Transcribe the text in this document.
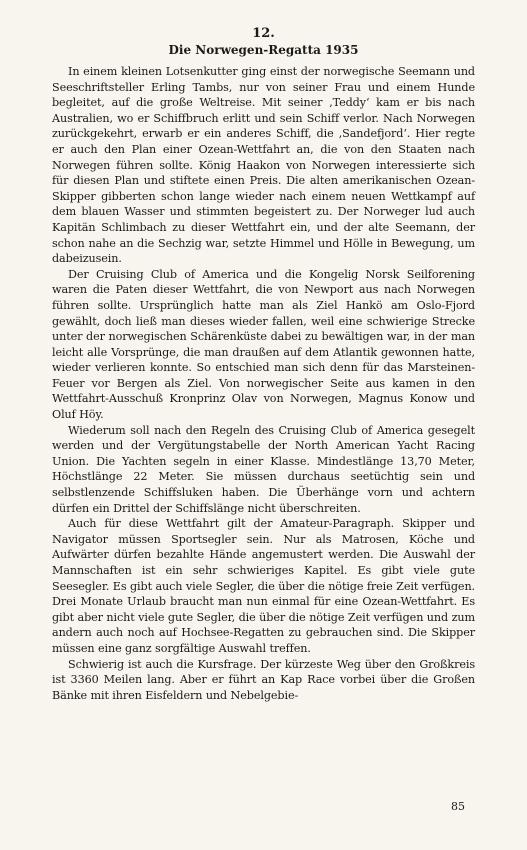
12.
Die Norwegen-Regatta 1935

In einem kleinen Lotsenkutter ging einst der norwegische Seemann und Seeschriftsteller Erling Tambs, nur von seiner Frau und einem Hunde begleitet, auf die große Weltreise. Mit seiner ‚Teddy‘ kam er bis nach Australien, wo er Schiffbruch erlitt und sein Schiff verlor. Nach Norwegen zurückgekehrt, erwarb er ein anderes Schiff, die ‚Sandefjord‘. Hier regte er auch den Plan einer Ozean-Wettfahrt an, die von den Staaten nach Norwegen führen sollte. König Haakon von Norwegen interessierte sich für diesen Plan und stiftete einen Preis. Die alten amerikanischen Ozean-Skipper gibberten schon lange wieder nach einem neuen Wettkampf auf dem blauen Wasser und stimmten begeistert zu. Der Norweger lud auch Kapitän Schlimbach zu dieser Wettfahrt ein, und der alte Seemann, der schon nahe an die Sechzig war, setzte Himmel und Hölle in Bewegung, um dabeizusein.

Der Cruising Club of America und die Kongelig Norsk Seilforening waren die Paten dieser Wettfahrt, die von Newport aus nach Norwegen führen sollte. Ursprünglich hatte man als Ziel Hankö am Oslo-Fjord gewählt, doch ließ man dieses wieder fallen, weil eine schwierige Strecke unter der norwegischen Schärenküste dabei zu bewältigen war, in der man leicht alle Vorsprünge, die man draußen auf dem Atlantik gewonnen hatte, wieder verlieren konnte. So entschied man sich denn für das Marsteinen-Feuer vor Bergen als Ziel. Von norwegischer Seite aus kamen in den Wettfahrt-Ausschuß Kronprinz Olav von Norwegen, Magnus Konow und Oluf Höy.

Wiederum soll nach den Regeln des Cruising Club of America gesegelt werden und der Vergütungstabelle der North American Yacht Racing Union. Die Yachten segeln in einer Klasse. Mindestlänge 13,70 Meter, Höchstlänge 22 Meter. Sie müssen durchaus seetüchtig sein und selbstlenzende Schiffsluken haben. Die Überhänge vorn und achtern dürfen ein Drittel der Schiffslänge nicht überschreiten.

Auch für diese Wettfahrt gilt der Amateur-Paragraph. Skipper und Navigator müssen Sportsegler sein. Nur als Matrosen, Köche und Aufwärter dürfen bezahlte Hände angemustert werden. Die Auswahl der Mannschaften ist ein sehr schwieriges Kapitel. Es gibt viele gute Seesegler. Es gibt auch viele Segler, die über die nötige freie Zeit verfügen. Drei Monate Urlaub braucht man nun einmal für eine Ozean-Wettfahrt. Es gibt aber nicht viele gute Segler, die über die nötige Zeit verfügen und zum andern auch noch auf Hochsee-Regatten zu gebrauchen sind. Die Skipper müssen eine ganz sorgfältige Auswahl treffen.

Schwierig ist auch die Kursfrage. Der kürzeste Weg über den Großkreis ist 3360 Meilen lang. Aber er führt an Kap Race vorbei über die Großen Bänke mit ihren Eisfeldern und Nebelgebie-

85
